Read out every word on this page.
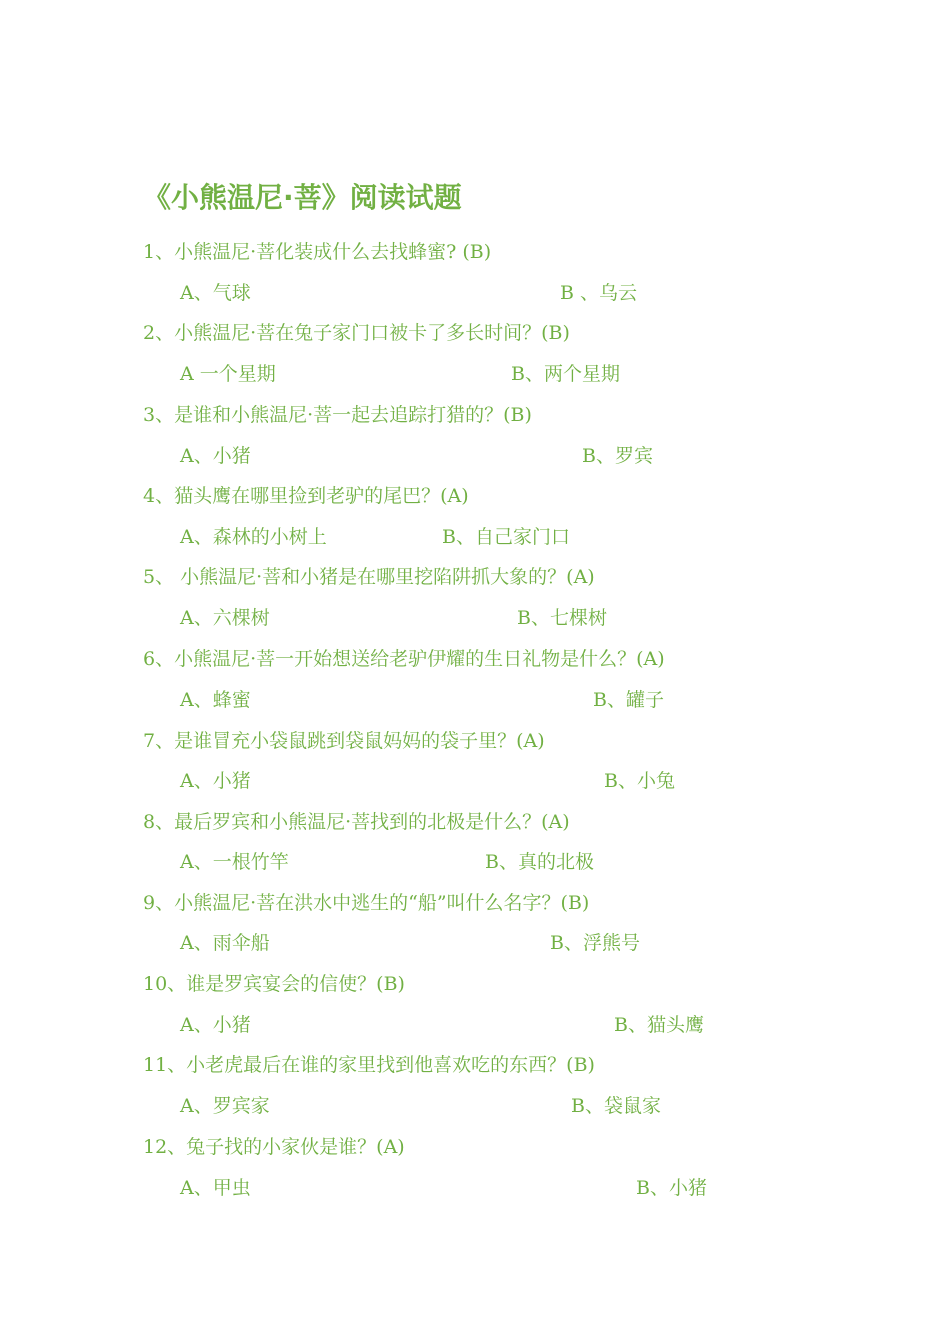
《小熊温尼·菩》阅读试题
1、小熊温尼·菩化装成什么去找蜂蜜? (B)
A、气球	B 、乌云
2、小熊温尼·菩在兔子家门口被卡了多长时间？(B)
A 一个星期	B、两个星期
3、是谁和小熊温尼·菩一起去追踪打猎的？(B)
A、小猪	B、罗宾
4、猫头鹰在哪里捡到老驴的尾巴？(A)
A、森林的小树上	B、自己家门口
5、 小熊温尼·菩和小猪是在哪里挖陷阱抓大象的？(A)
A、六棵树	B、七棵树
6、小熊温尼·菩一开始想送给老驴伊耀的生日礼物是什么？(A)
A、蜂蜜	B、罐子
7、是谁冒充小袋鼠跳到袋鼠妈妈的袋子里？(A)
A、小猪	B、小兔
8、最后罗宾和小熊温尼·菩找到的北极是什么？(A)
A、一根竹竿	B、真的北极
9、小熊温尼·菩在洪水中逃生的“船”叫什么名字？(B)
A、雨伞船	B、浮熊号
10、谁是罗宾宴会的信使？(B)
A、小猪	B、猫头鹰
11、小老虎最后在谁的家里找到他喜欢吃的东西？(B)
A、罗宾家	B、袋鼠家
12、兔子找的小家伙是谁？(A)
A、甲虫	B、小猪
